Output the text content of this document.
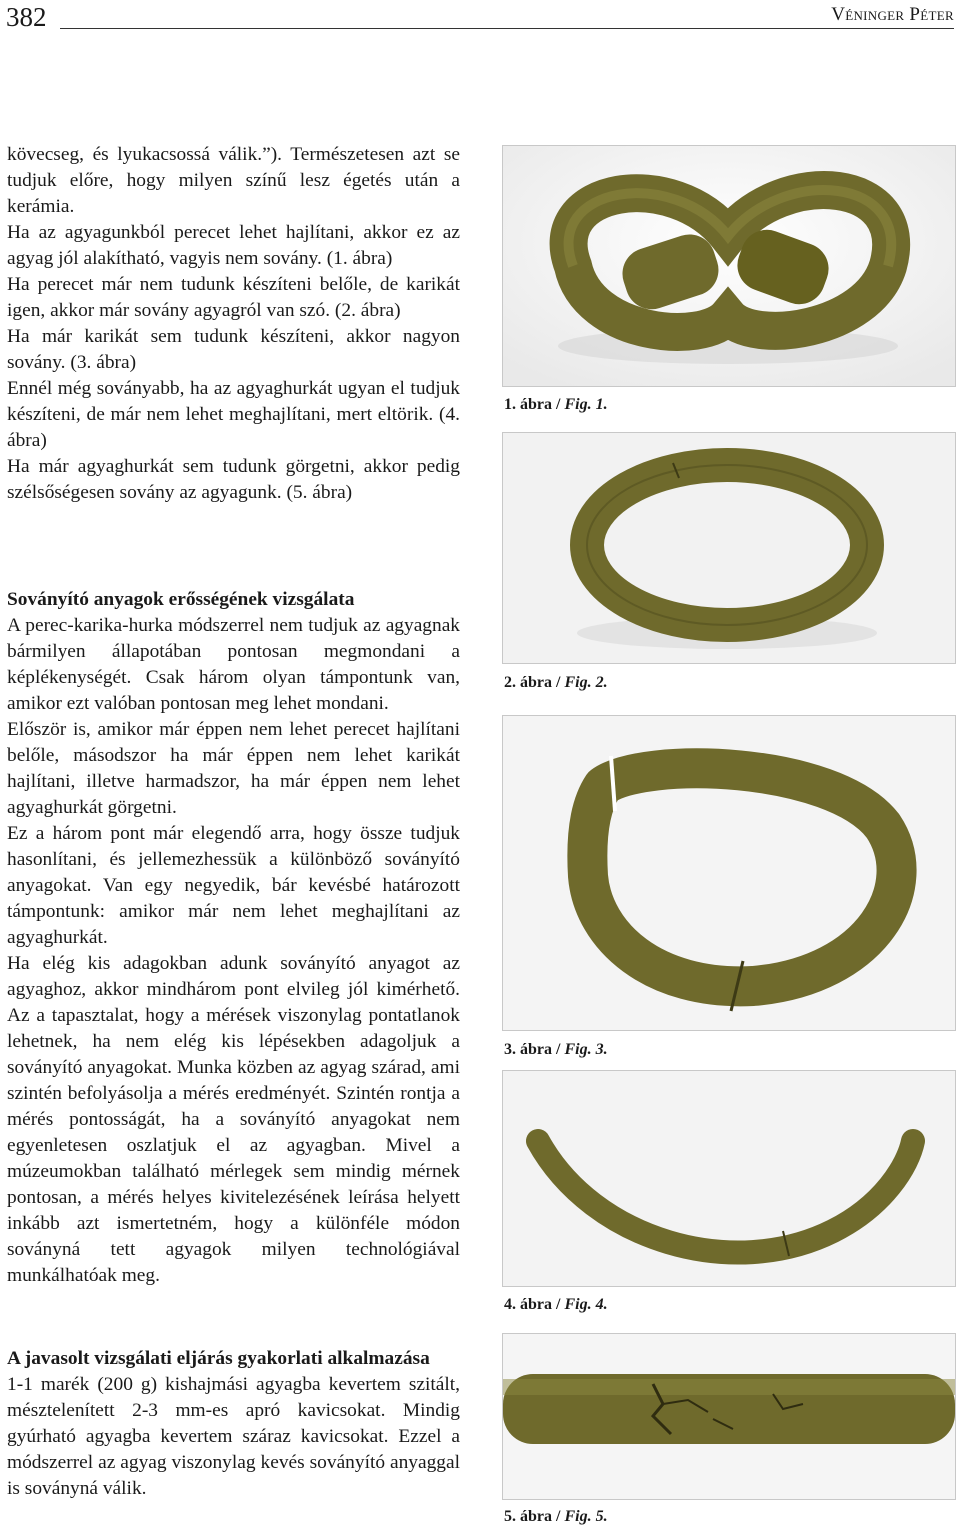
382	Véninger Péter

kövecseg, és lyukacsossá válik.”). Természetesen azt se tudjuk előre, hogy milyen színű lesz égetés után a kerámia.

Ha az agyagunkból perecet lehet hajlítani, akkor ez az agyag jól alakítható, vagyis nem sovány. (1. ábra)

Ha perecet már nem tudunk készíteni belőle, de karikát igen, akkor már sovány agyagról van szó. (2. ábra)

Ha már karikát sem tudunk készíteni, akkor nagyon sovány. (3. ábra)

Ennél még soványabb, ha az agyaghurkát ugyan el tudjuk készíteni, de már nem lehet meghajlítani, mert eltörik. (4. ábra)

Ha már agyaghurkát sem tudunk görgetni, akkor pedig szélsőségesen sovány az agyagunk. (5. ábra)

Soványító anyagok erősségének vizsgálata

A perec-karika-hurka módszerrel nem tudjuk az agyagnak bármilyen állapotában pontosan megmondani a képlékenységét. Csak három olyan támpontunk van, amikor ezt valóban pontosan meg lehet mondani.

Először is, amikor már éppen nem lehet perecet hajlítani belőle, másodszor ha már éppen nem lehet karikát hajlítani, illetve harmadszor, ha már éppen nem lehet agyaghurkát görgetni.

Ez a három pont már elegendő arra, hogy össze tudjuk hasonlítani, és jellemezhessük a különböző soványító anyagokat. Van egy negyedik, bár kevésbé határozott támpontunk: amikor már nem lehet meghajlítani az agyaghurkát.

Ha elég kis adagokban adunk soványító anyagot az agyaghoz, akkor mindhárom pont elvileg jól kimérhető. Az a tapasztalat, hogy a mérések viszonylag pontatlanok lehetnek, ha nem elég kis lépésekben adagoljuk a soványító anyagokat. Munka közben az agyag szárad, ami szintén befolyásolja a mérés eredményét. Szintén rontja a mérés pontosságát, ha a soványító anyagokat nem egyenletesen oszlatjuk el az agyagban. Mivel a múzeumokban található mérlegek sem mindig mérnek pontosan, a mérés helyes kivitelezésének leírása helyett inkább azt ismertetném, hogy a különféle módon soványná tett agyagok milyen technológiával munkálhatóak meg.

A javasolt vizsgálati eljárás gyakorlati alkalmazása

1-1 marék (200 g) kishajmási agyagba kevertem szitált, mésztelenített 2-3 mm-es apró kavicsokat. Mindig gyúrható agyagba kevertem száraz kavicsokat. Ezzel a módszerrel az agyag viszonylag kevés soványító anyaggal is soványná válik.

1. ábra / Fig. 1.
2. ábra / Fig. 2.
3. ábra / Fig. 3.
4. ábra / Fig. 4.
5. ábra / Fig. 5.
